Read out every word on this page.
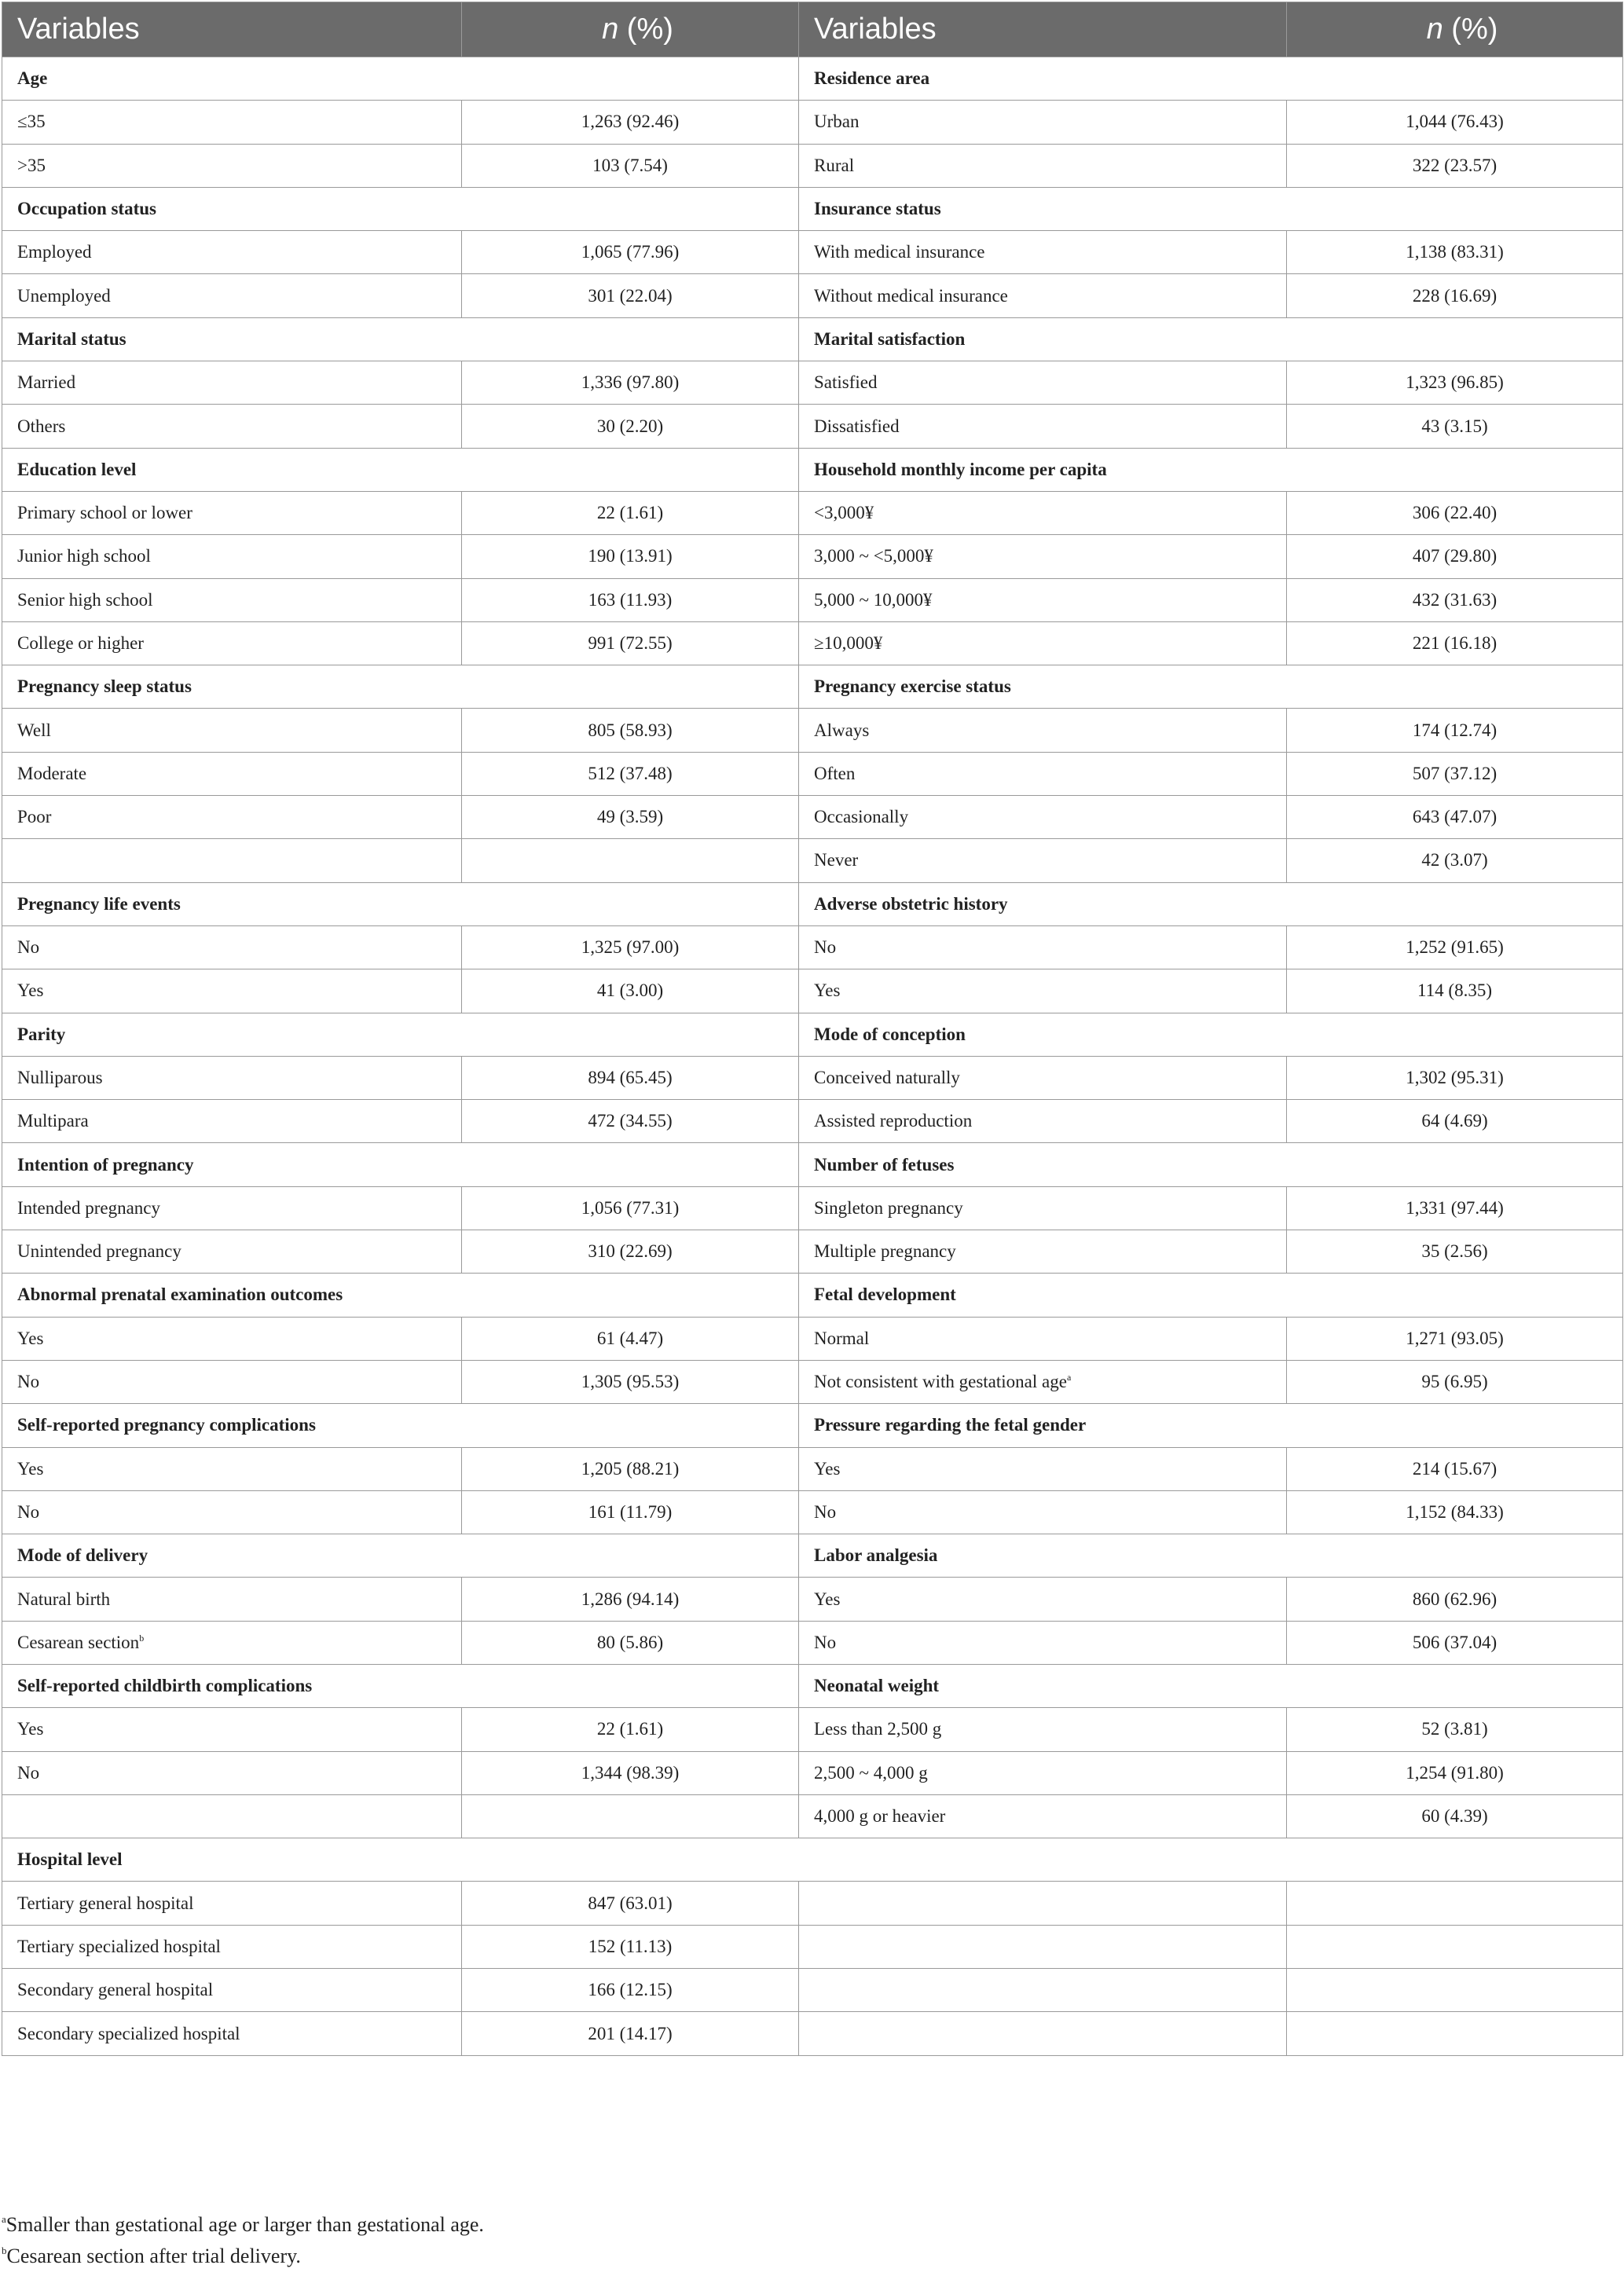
Variables	n (%)	Variables	n (%)
Age		Residence area	
≤35	1,263 (92.46)	Urban	1,044 (76.43)
>35	103 (7.54)	Rural	322 (23.57)
Occupation status		Insurance status	
Employed	1,065 (77.96)	With medical insurance	1,138 (83.31)
Unemployed	301 (22.04)	Without medical insurance	228 (16.69)
Marital status		Marital satisfaction	
Married	1,336 (97.80)	Satisfied	1,323 (96.85)
Others	30 (2.20)	Dissatisfied	43 (3.15)
Education level		Household monthly income per capita	
Primary school or lower	22 (1.61)	<3,000¥	306 (22.40)
Junior high school	190 (13.91)	3,000 ~ <5,000¥	407 (29.80)
Senior high school	163 (11.93)	5,000 ~ 10,000¥	432 (31.63)
College or higher	991 (72.55)	≥10,000¥	221 (16.18)
Pregnancy sleep status		Pregnancy exercise status	
Well	805 (58.93)	Always	174 (12.74)
Moderate	512 (37.48)	Often	507 (37.12)
Poor	49 (3.59)	Occasionally	643 (47.07)
		Never	42 (3.07)
Pregnancy life events		Adverse obstetric history	
No	1,325 (97.00)	No	1,252 (91.65)
Yes	41 (3.00)	Yes	114 (8.35)
Parity		Mode of conception	
Nulliparous	894 (65.45)	Conceived naturally	1,302 (95.31)
Multipara	472 (34.55)	Assisted reproduction	64 (4.69)
Intention of pregnancy		Number of fetuses	
Intended pregnancy	1,056 (77.31)	Singleton pregnancy	1,331 (97.44)
Unintended pregnancy	310 (22.69)	Multiple pregnancy	35 (2.56)
Abnormal prenatal examination outcomes		Fetal development	
Yes	61 (4.47)	Normal	1,271 (93.05)
No	1,305 (95.53)	Not consistent with gestational age$^a$	95 (6.95)
Self-reported pregnancy complications		Pressure regarding the fetal gender	
Yes	1,205 (88.21)	Yes	214 (15.67)
No	161 (11.79)	No	1,152 (84.33)
Mode of delivery		Labor analgesia	
Natural birth	1,286 (94.14)	Yes	860 (62.96)
Cesarean section$^b$	80 (5.86)	No	506 (37.04)
Self-reported childbirth complications		Neonatal weight	
Yes	22 (1.61)	Less than 2,500 g	52 (3.81)
No	1,344 (98.39)	2,500 ~ 4,000 g	1,254 (91.80)
		4,000 g or heavier	60 (4.39)
Hospital level			
Tertiary general hospital	847 (63.01)		
Tertiary specialized hospital	152 (11.13)		
Secondary general hospital	166 (12.15)		
Secondary specialized hospital	201 (14.17)		
$^a$Smaller than gestational age or larger than gestational age.
$^b$Cesarean section after trial delivery.
